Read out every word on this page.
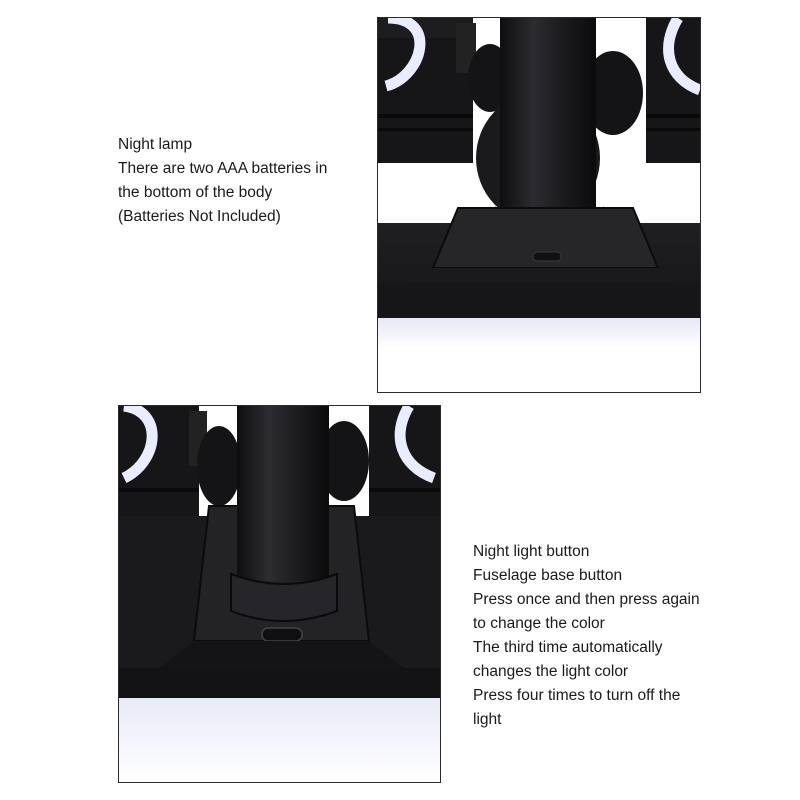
Night lamp
There are two AAA batteries in
the bottom of the body
(Batteries Not Included)
Night light button
Fuselage base button
Press once and then press again
to change the color
The third time automatically
changes the light color
Press four times to turn off the
light
